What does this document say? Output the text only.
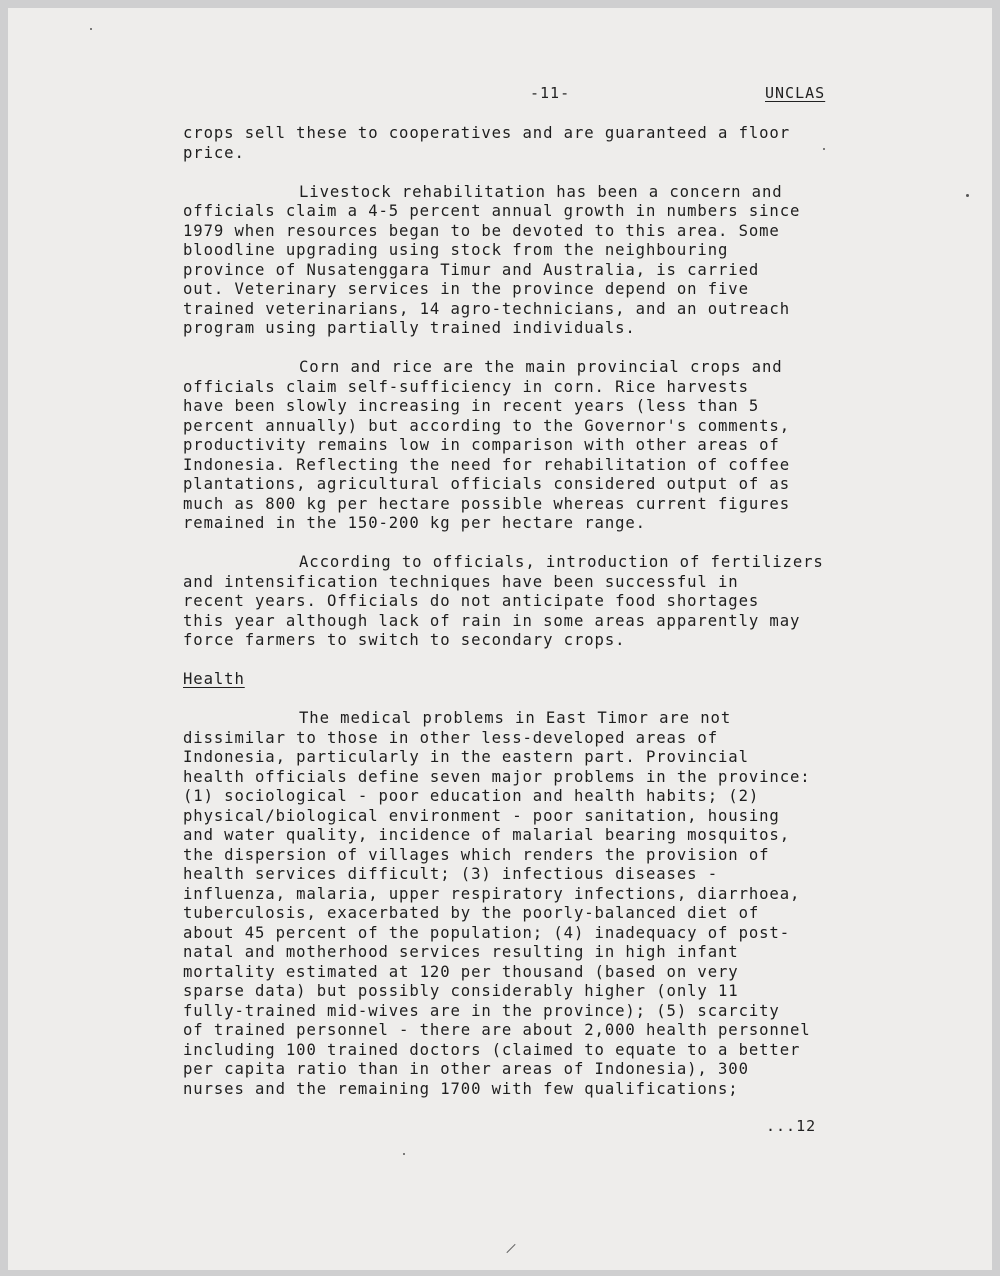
-11-	UNCLAS

crops sell these to cooperatives and are guaranteed a floor
price.

Livestock rehabilitation has been a concern and
officials claim a 4-5 percent annual growth in numbers since
1979 when resources began to be devoted to this area. Some
bloodline upgrading using stock from the neighbouring
province of Nusatenggara Timur and Australia, is carried
out. Veterinary services in the province depend on five
trained veterinarians, 14 agro-technicians, and an outreach
program using partially trained individuals.

Corn and rice are the main provincial crops and
officials claim self-sufficiency in corn. Rice harvests
have been slowly increasing in recent years (less than 5
percent annually) but according to the Governor's comments,
productivity remains low in comparison with other areas of
Indonesia. Reflecting the need for rehabilitation of coffee
plantations, agricultural officials considered output of as
much as 800 kg per hectare possible whereas current figures
remained in the 150-200 kg per hectare range.

According to officials, introduction of fertilizers
and intensification techniques have been successful in
recent years. Officials do not anticipate food shortages
this year although lack of rain in some areas apparently may
force farmers to switch to secondary crops.

Health

The medical problems in East Timor are not
dissimilar to those in other less-developed areas of
Indonesia, particularly in the eastern part. Provincial
health officials define seven major problems in the province:
(1) sociological - poor education and health habits; (2)
physical/biological environment - poor sanitation, housing
and water quality, incidence of malarial bearing mosquitos,
the dispersion of villages which renders the provision of
health services difficult; (3) infectious diseases -
influenza, malaria, upper respiratory infections, diarrhoea,
tuberculosis, exacerbated by the poorly-balanced diet of
about 45 percent of the population; (4) inadequacy of post-
natal and motherhood services resulting in high infant
mortality estimated at 120 per thousand (based on very
sparse data) but possibly considerably higher (only 11
fully-trained mid-wives are in the province); (5) scarcity
of trained personnel - there are about 2,000 health personnel
including 100 trained doctors (claimed to equate to a better
per capita ratio than in other areas of Indonesia), 300
nurses and the remaining 1700 with few qualifications;

...12
